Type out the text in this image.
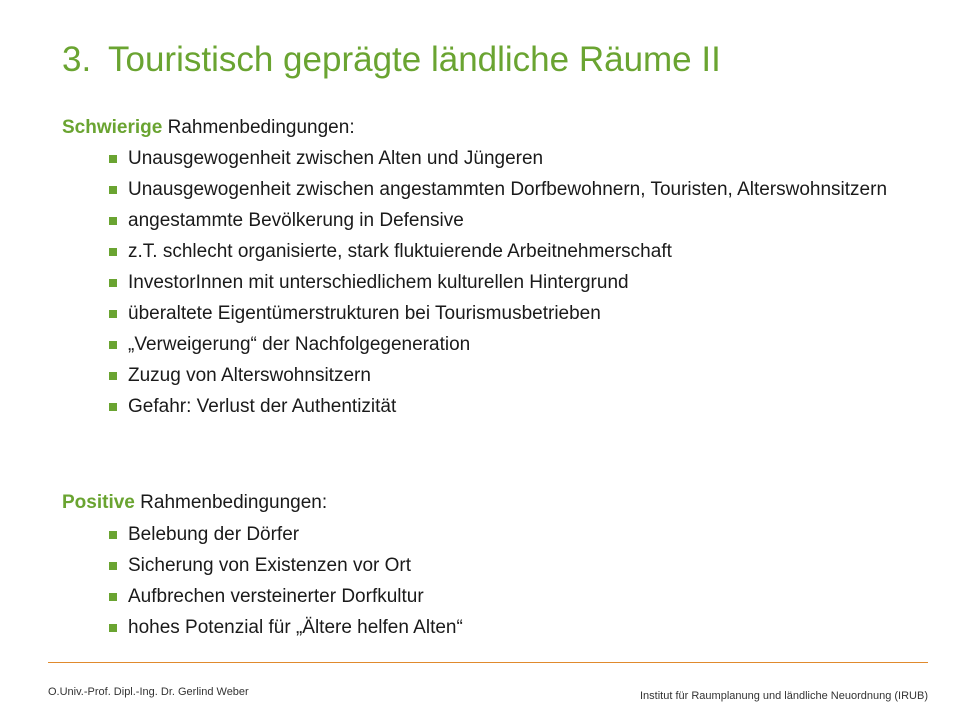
3. Touristisch geprägte ländliche Räume II
Schwierige Rahmenbedingungen:
Unausgewogenheit zwischen Alten und Jüngeren
Unausgewogenheit zwischen angestammten Dorfbewohnern, Touristen, Alterswohnsitzern
angestammte Bevölkerung in Defensive
z.T. schlecht organisierte, stark fluktuierende Arbeitnehmerschaft
InvestorInnen mit unterschiedlichem kulturellen Hintergrund
überaltete Eigentümerstrukturen bei Tourismusbetrieben
„Verweigerung“ der Nachfolgegeneration
Zuzug von Alterswohnsitzern
Gefahr: Verlust der Authentizität
Positive Rahmenbedingungen:
Belebung der Dörfer
Sicherung von Existenzen vor Ort
Aufbrechen versteinerter Dorfkultur
hohes Potenzial für „Ältere helfen Alten“
O.Univ.-Prof. Dipl.-Ing. Dr. Gerlind Weber	Institut für Raumplanung und ländliche Neuordnung (IRUB)
